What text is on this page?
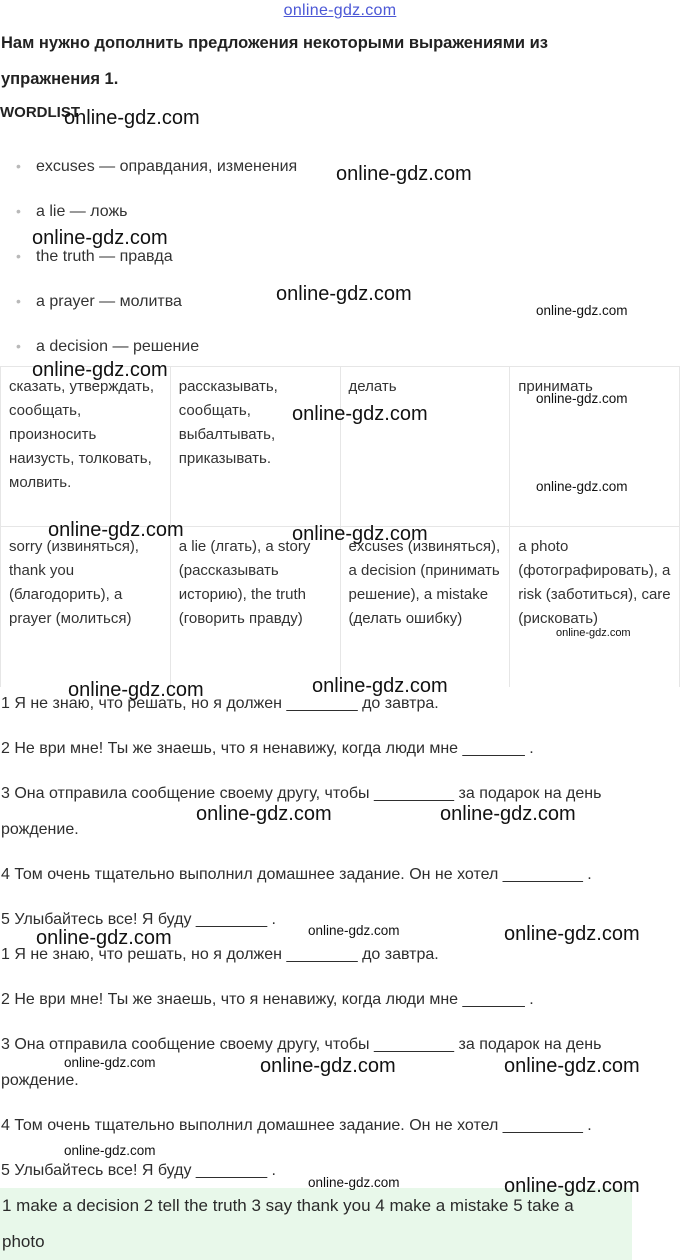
online-gdz.com
Нам нужно дополнить предложения некоторыми выражениями из
упражнения 1.
WORDLIST
• excuses — оправдания, изменения
• a lie — ложь
• the truth — правда
• a prayer — молитва
• a decision — решение
сказать, утверждать, сообщать, произносить наизусть, толковать, молвить.	рассказывать, сообщать, выбалтывать, приказывать.	делать	принимать
sorry (извиняться), thank you (благодорить), a prayer (молиться)	a lie (лгать), a story (рассказывать историю), the truth (говорить правду)	excuses (извиняться), a decision (принимать решение), a mistake (делать ошибку)	a photo (фотографировать), a risk (заботиться), care (рисковать)
1 Я не знаю, что решать, но я должен ________ до завтра.
2 Не ври мне! Ты же знаешь, что я ненавижу, когда люди мне _______ .
3 Она отправила сообщение своему другу, чтобы _________ за подарок на день
рождение.
4 Том очень тщательно выполнил домашнее задание. Он не хотел _________ .
5 Улыбайтесь все! Я буду ________ .
1 Я не знаю, что решать, но я должен ________ до завтра.
2 Не ври мне! Ты же знаешь, что я ненавижу, когда люди мне _______ .
3 Она отправила сообщение своему другу, чтобы _________ за подарок на день
рождение.
4 Том очень тщательно выполнил домашнее задание. Он не хотел _________ .
5 Улыбайтесь все! Я буду ________ .
1 make a decision 2 tell the truth 3 say thank you 4 make a mistake 5 take a
photo
online-gdz.com
online-gdz.com
online-gdz.com
online-gdz.com
online-gdz.com
online-gdz.com
online-gdz.com
online-gdz.com
online-gdz.com
online-gdz.com	online-gdz.com
online-gdz.com
online-gdz.com
online-gdz.com
online-gdz.com	online-gdz.com
online-gdz.com
online-gdz.com	online-gdz.com
online-gdz.com	online-gdz.com	online-gdz.com
online-gdz.com
online-gdz.com	online-gdz.com
